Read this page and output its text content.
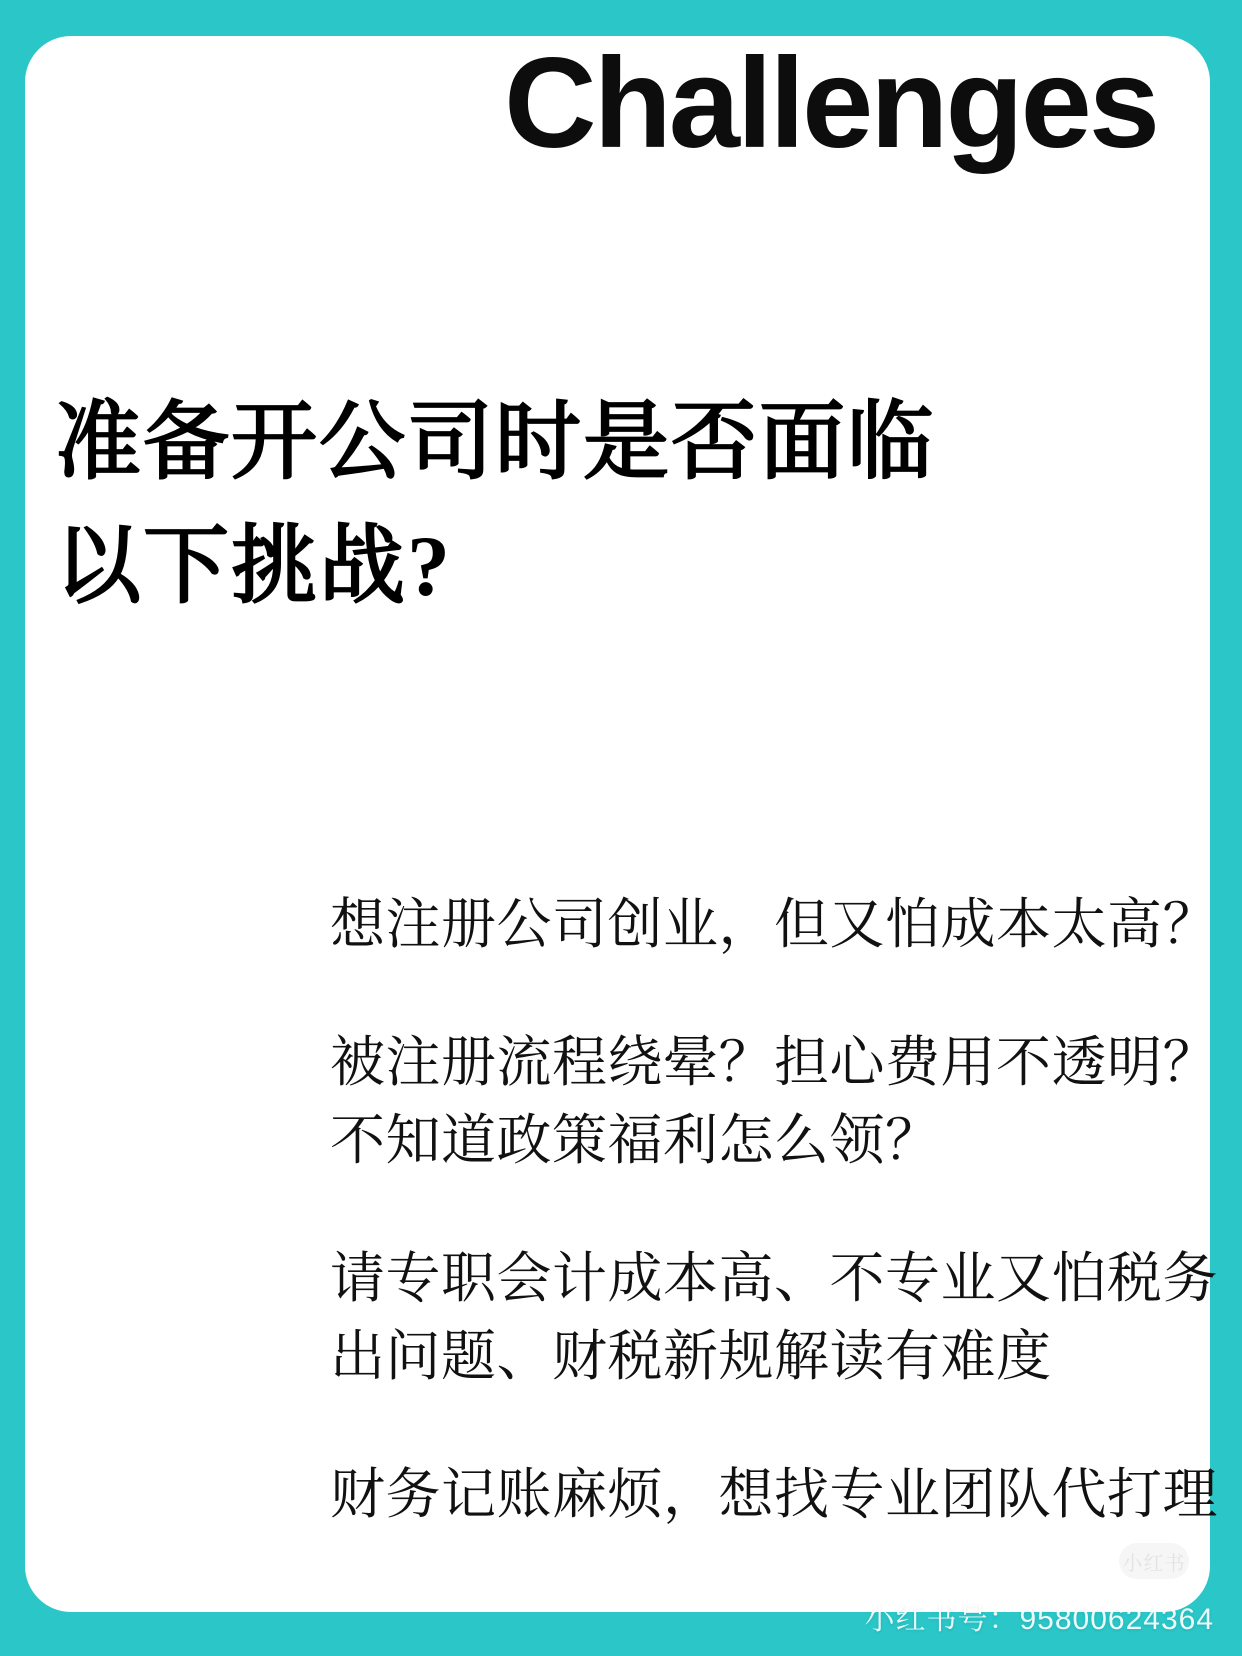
Challenges
准备开公司时是否面临
以下挑战?
想注册公司创业，但又怕成本太高？
被注册流程绕晕？担心费用不透明？
不知道政策福利怎么领？
请专职会计成本高、不专业又怕税务
出问题、财税新规解读有难度
财务记账麻烦，想找专业团队代打理
小红书
小红书号：95800624364
